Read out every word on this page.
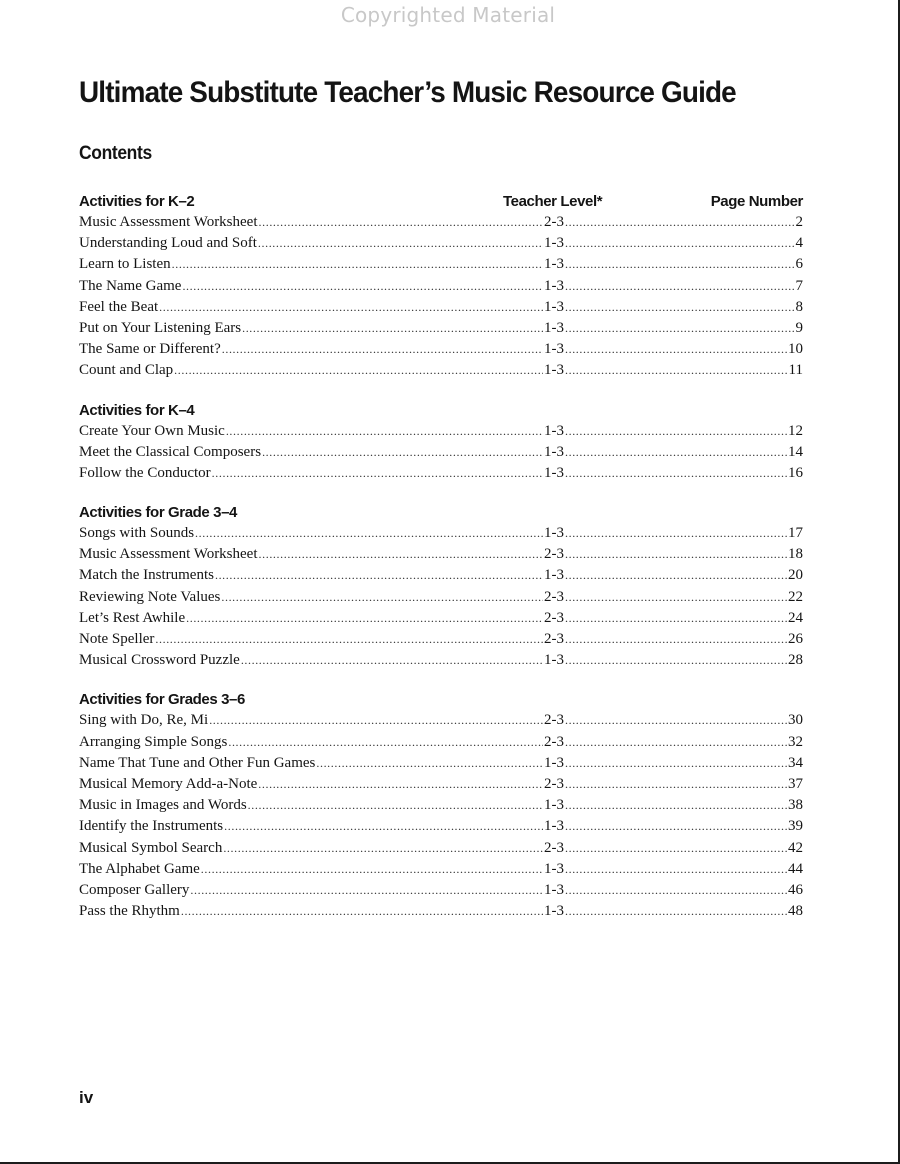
Copyrighted Material
Ultimate Substitute Teacher’s Music Resource Guide
Contents
Activities for K–2	Teacher Level*	Page Number
Music Assessment Worksheet .....	2-3 .....	2
Understanding Loud and Soft .....	1-3 .....	4
Learn to Listen .....	1-3 .....	6
The Name Game .....	1-3 .....	7
Feel the Beat .....	1-3 .....	8
Put on Your Listening Ears .....	1-3 .....	9
The Same or Different? .....	1-3 .....	10
Count and Clap .....	1-3 .....	11
Activities for K–4
Create Your Own Music .....	1-3 .....	12
Meet the Classical Composers .....	1-3 .....	14
Follow the Conductor .....	1-3 .....	16
Activities for Grade 3–4
Songs with Sounds .....	1-3 .....	17
Music Assessment Worksheet .....	2-3 .....	18
Match the Instruments .....	1-3 .....	20
Reviewing Note Values .....	2-3 .....	22
Let’s Rest Awhile .....	2-3 .....	24
Note Speller .....	2-3 .....	26
Musical Crossword Puzzle .....	1-3 .....	28
Activities for Grades 3–6
Sing with Do, Re, Mi .....	2-3 .....	30
Arranging Simple Songs .....	2-3 .....	32
Name That Tune and Other Fun Games .....	1-3 .....	34
Musical Memory Add-a-Note .....	2-3 .....	37
Music in Images and Words .....	1-3 .....	38
Identify the Instruments .....	1-3 .....	39
Musical Symbol Search .....	2-3 .....	42
The Alphabet Game .....	1-3 .....	44
Composer Gallery .....	1-3 .....	46
Pass the Rhythm .....	1-3 .....	48
iv
